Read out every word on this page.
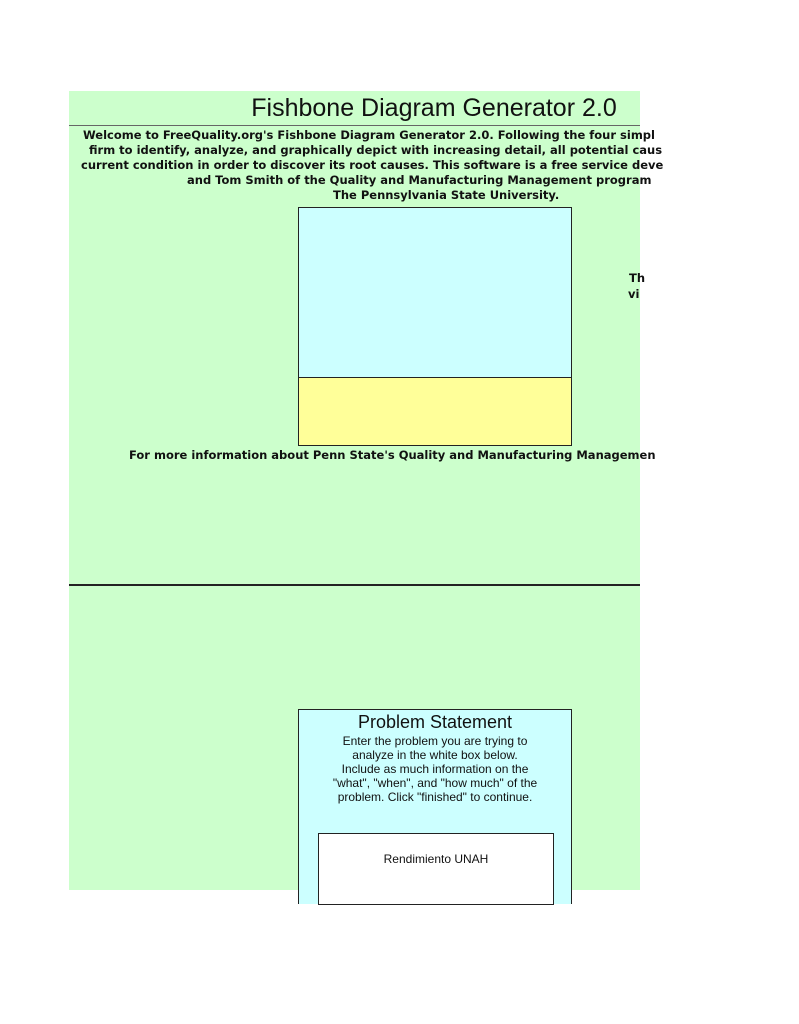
Fishbone Diagram Generator 2.0
Welcome to FreeQuality.org's Fishbone Diagram Generator 2.0. Following the four simpl
firm to identify, analyze, and graphically depict with increasing detail, all potential caus
current condition in order to discover its root causes. This software is a free service deve
and Tom Smith of the Quality and Manufacturing Management program
The Pennsylvania State University.
Th
vi
For more information about Penn State's Quality and Manufacturing Managemen
Problem Statement
Enter the problem you are trying to
analyze in the white box below.
Include as much information on the
"what", "when", and "how much" of the
problem. Click "finished" to continue.
Rendimiento UNAH
